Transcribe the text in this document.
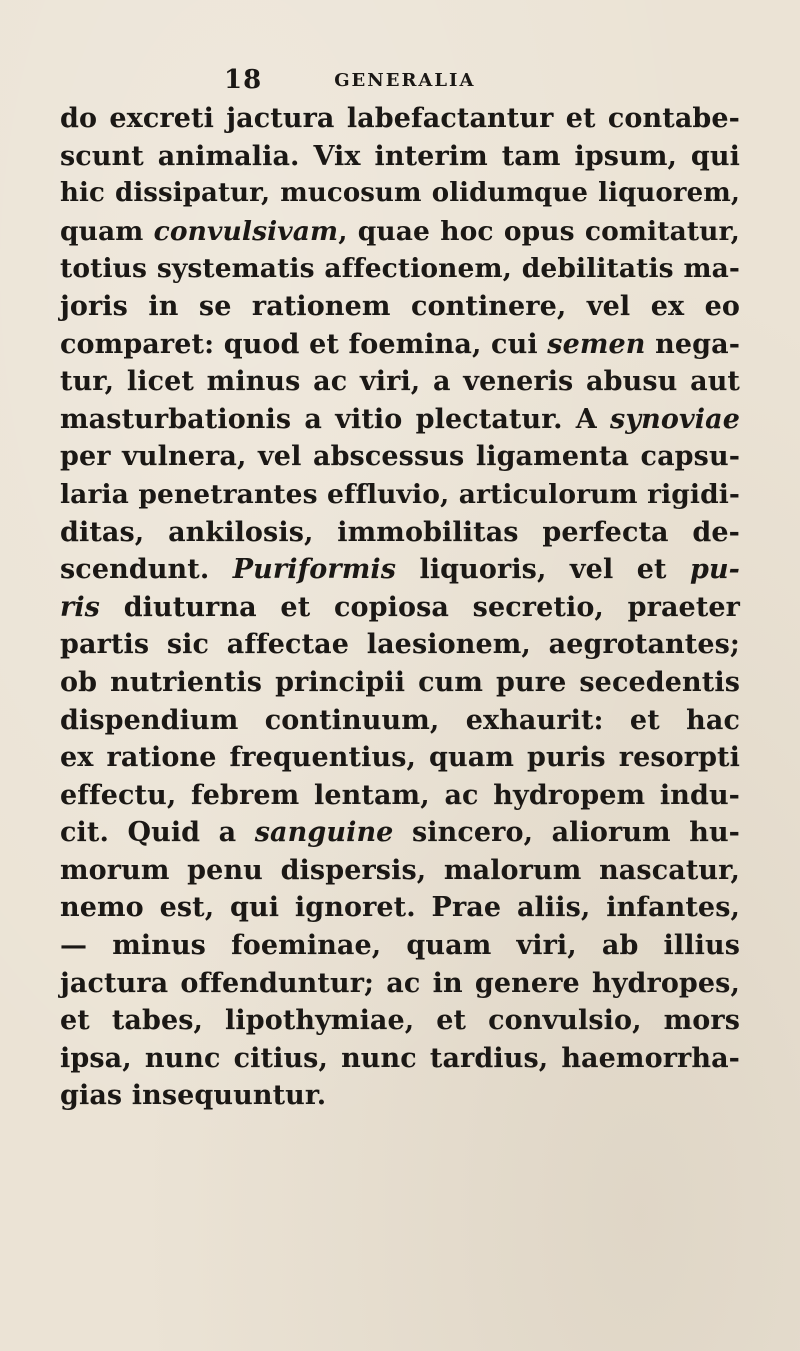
18	GENERALIA
do excreti jactura labefactantur et contabe-
scunt animalia. Vix interim tam ipsum, qui
hic dissipatur, mucosum olidumque liquorem,
quam convulsivam, quae hoc opus comitatur,
totius systematis affectionem, debilitatis ma-
joris in se rationem continere, vel ex eo
comparet: quod et foemina, cui semen nega-
tur, licet minus ac viri, a veneris abusu aut
masturbationis a vitio plectatur. A synoviae
per vulnera, vel abscessus ligamenta capsu-
laria penetrantes effluvio, articulorum rigidi-
ditas, ankilosis, immobilitas perfecta de-
scendunt. Puriformis liquoris, vel et pu-
ris diuturna et copiosa secretio, praeter
partis sic affectae laesionem, aegrotantes;
ob nutrientis principii cum pure secedentis
dispendium continuum, exhaurit: et hac
ex ratione frequentius, quam puris resorpti
effectu, febrem lentam, ac hydropem indu-
cit. Quid a sanguine sincero, aliorum hu-
morum penu dispersis, malorum nascatur,
nemo est, qui ignoret. Prae aliis, infantes,
— minus foeminae, quam viri, ab illius
jactura offenduntur; ac in genere hydropes,
et tabes, lipothymiae, et convulsio, mors
ipsa, nunc citius, nunc tardius, haemorrha-
gias insequuntur.
